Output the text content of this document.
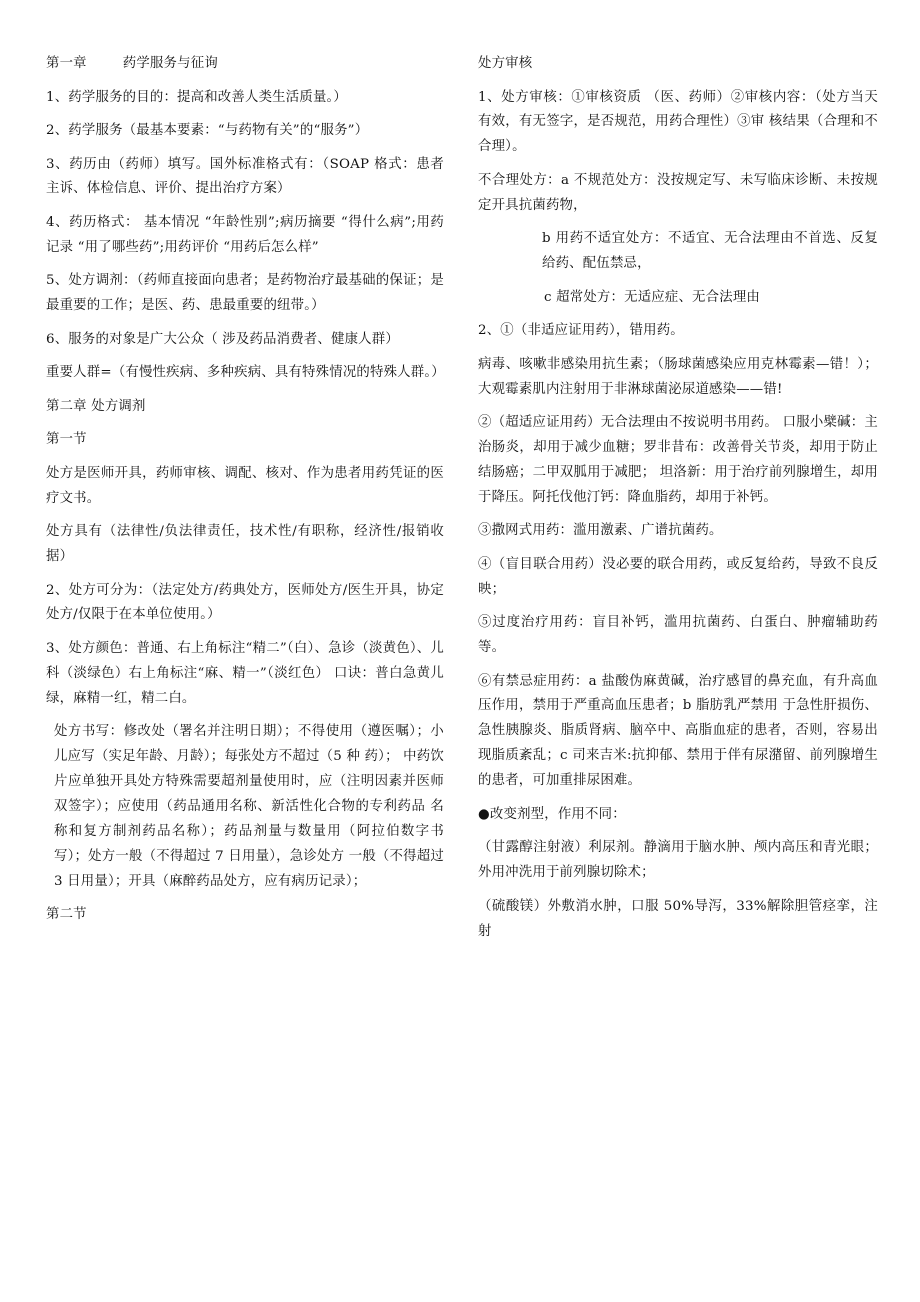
第一章	药学服务与征询

1、药学服务的目的：提高和改善人类生活质量。）

2、药学服务（最基本要素：“与药物有关”的“服务”）

3、药历由（药师）填写。国外标准格式有：（SOAP 格式：患者主诉、体检信息、评价、提出治疗方案）

4、药历格式： 基本情况 “年龄性别”;病历摘要 “得什么病”;用药记录 “用了哪些药”;用药评价 “用药后怎么样”

5、处方调剂：（药师直接面向患者；是药物治疗最基础的保证；是最重要的工作；是医、药、患最重要的纽带。）

6、服务的对象是广大公众（ 涉及药品消费者、健康人群）

重要人群=（有慢性疾病、多种疾病、具有特殊情况的特殊人群。）

第二章 处方调剂

第一节

处方是医师开具，药师审核、调配、核对、作为患者用药凭证的医疗文书。

处方具有（法律性/负法律责任，技术性/有职称，经济性/报销收据）

2、处方可分为：（法定处方/药典处方，医师处方/医生开具，协定处方/仅限于在本单位使用。）

3、处方颜色：普通、右上角标注“精二”（白）、急诊（淡黄色）、儿科（淡绿色）右上角标注“麻、精一”（淡红色） 口诀：普白急黄儿绿，麻精一红，精二白。

处方书写：修改处（署名并注明日期）；不得使用（遵医嘱）；小儿应写（实足年龄、月龄）；每张处方不超过（5 种 药）； 中药饮片应单独开具处方特殊需要超剂量使用时，应（注明因素并医师双签字）；应使用（药品通用名称、新活性化合物的专利药品 名称和复方制剂药品名称）；药品剂量与数量用（阿拉伯数字书写）；处方一般（不得超过 7 日用量），急诊处方 一般（不得超过 3 日用量）；开具（麻醉药品处方，应有病历记录）；

第二节

处方审核

1、处方审核：①审核资质 （医、药师）②审核内容：（处方当天有效，有无签字，是否规范，用药合理性）③审 核结果（合理和不合理）。

不合理处方：a 不规范处方：没按规定写、未写临床诊断、未按规定开具抗菌药物，

b 用药不适宜处方：不适宜、无合法理由不首选、反复给药、配伍禁忌，

c 超常处方：无适应症、无合法理由

2、①（非适应证用药），错用药。

病毒、咳嗽非感染用抗生素；（肠球菌感染应用克林霉素—错！）；大观霉素肌内注射用于非淋球菌泌尿道感染——错!

②（超适应证用药）无合法理由不按说明书用药。 口服小檗碱：主治肠炎，却用于减少血糖；罗非昔布：改善骨关节炎，却用于防止结肠癌；二甲双胍用于减肥； 坦洛新：用于治疗前列腺增生，却用于降压。阿托伐他汀钙：降血脂药，却用于补钙。

③撒网式用药：滥用激素、广谱抗菌药。

④（盲目联合用药）没必要的联合用药，或反复给药，导致不良反映；

⑤过度治疗用药：盲目补钙，滥用抗菌药、白蛋白、肿瘤辅助药等。

⑥有禁忌症用药：a 盐酸伪麻黄碱，治疗感冒的鼻充血，有升高血压作用，禁用于严重高血压患者；b 脂肪乳严禁用 于急性肝损伤、急性胰腺炎、脂质肾病、脑卒中、高脂血症的患者，否则，容易出现脂质紊乱；c 司来吉米:抗抑郁、禁用于伴有尿潴留、前列腺增生的患者，可加重排尿困难。

●改变剂型，作用不同：

（甘露醇注射液）利尿剂。静滴用于脑水肿、颅内高压和青光眼；外用冲洗用于前列腺切除术；

（硫酸镁）外敷消水肿，口服 50%导泻，33%解除胆管痉挛，注射
